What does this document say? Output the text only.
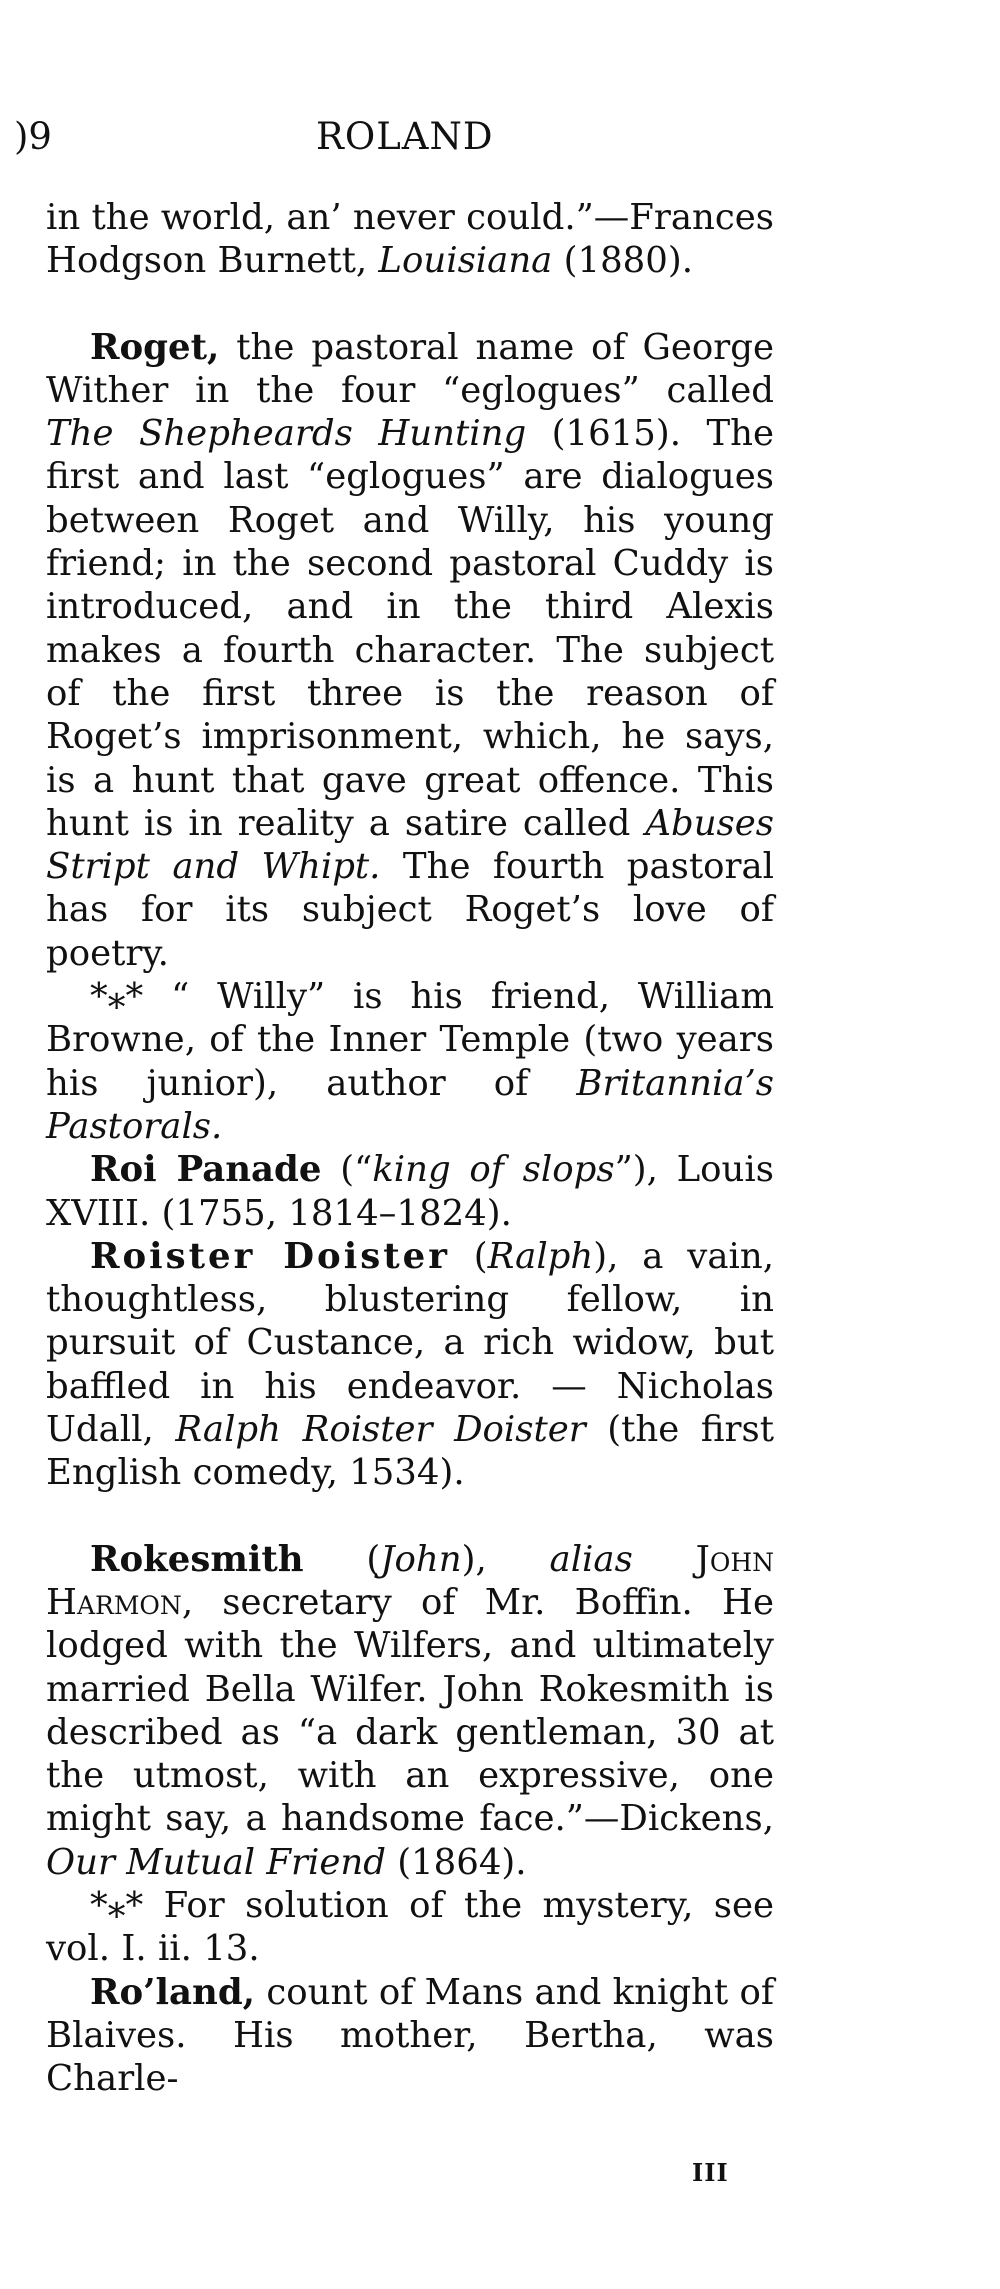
)9	ROLAND

in the world, an’ never could.”—Frances Hodgson Burnett, Louisiana (1880).

Roget, the pastoral name of George Wither in the four “eglogues” called The Shepheards Hunting (1615). The first and last “eglogues” are dialogues between Roget and Willy, his young friend; in the second pastoral Cuddy is introduced, and in the third Alexis makes a fourth character. The subject of the first three is the reason of Roget’s imprisonment, which, he says, is a hunt that gave great offence. This hunt is in reality a satire called Abuses Stript and Whipt. The fourth pastoral has for its subject Roget’s love of poetry.

*⁎* “ Willy” is his friend, William Browne, of the Inner Temple (two years his junior), author of Britannia’s Pastorals.

Roi Panade (“king of slops”), Louis XVIII. (1755, 1814–1824).

Roister Doister (Ralph), a vain, thoughtless, blustering fellow, in pursuit of Custance, a rich widow, but baffled in his endeavor. — Nicholas Udall, Ralph Roister Doister (the first English comedy, 1534).

Rokesmith (John), alias John Harmon, secretary of Mr. Boffin. He lodged with the Wilfers, and ultimately married Bella Wilfer. John Rokesmith is described as “a dark gentleman, 30 at the utmost, with an expressive, one might say, a handsome face.”—Dickens, Our Mutual Friend (1864).

*⁎* For solution of the mystery, see vol. I. ii. 13.

Ro’land, count of Mans and knight of Blaives. His mother, Bertha, was Charle-

III
